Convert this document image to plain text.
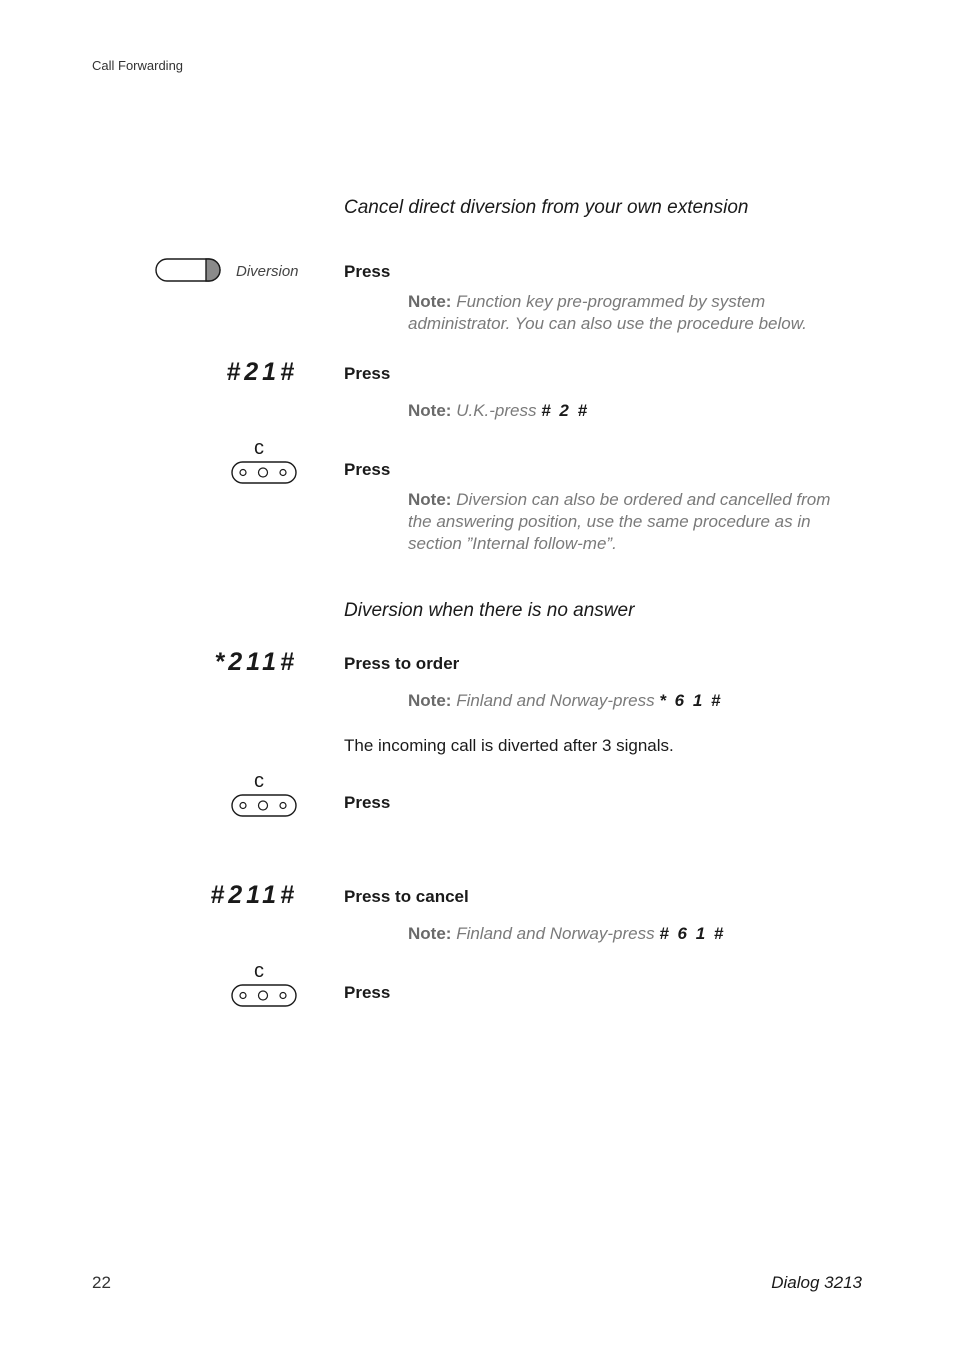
Call Forwarding
Cancel direct diversion from your own extension
Diversion	Press
Note: Function key pre-programmed by system administrator. You can also use the procedure below.
#21#	Press
Note: U.K.-press # 2 #
c
Press
Note: Diversion can also be ordered and cancelled from the answering position, use the same procedure as in section ”Internal follow-me”.
Diversion when there is no answer
*211#	Press to order
Note: Finland and Norway-press * 6 1 #
The incoming call is diverted after 3 signals.
c
Press
#211#	Press to cancel
Note: Finland and Norway-press # 6 1 #
c
Press
22	Dialog 3213
